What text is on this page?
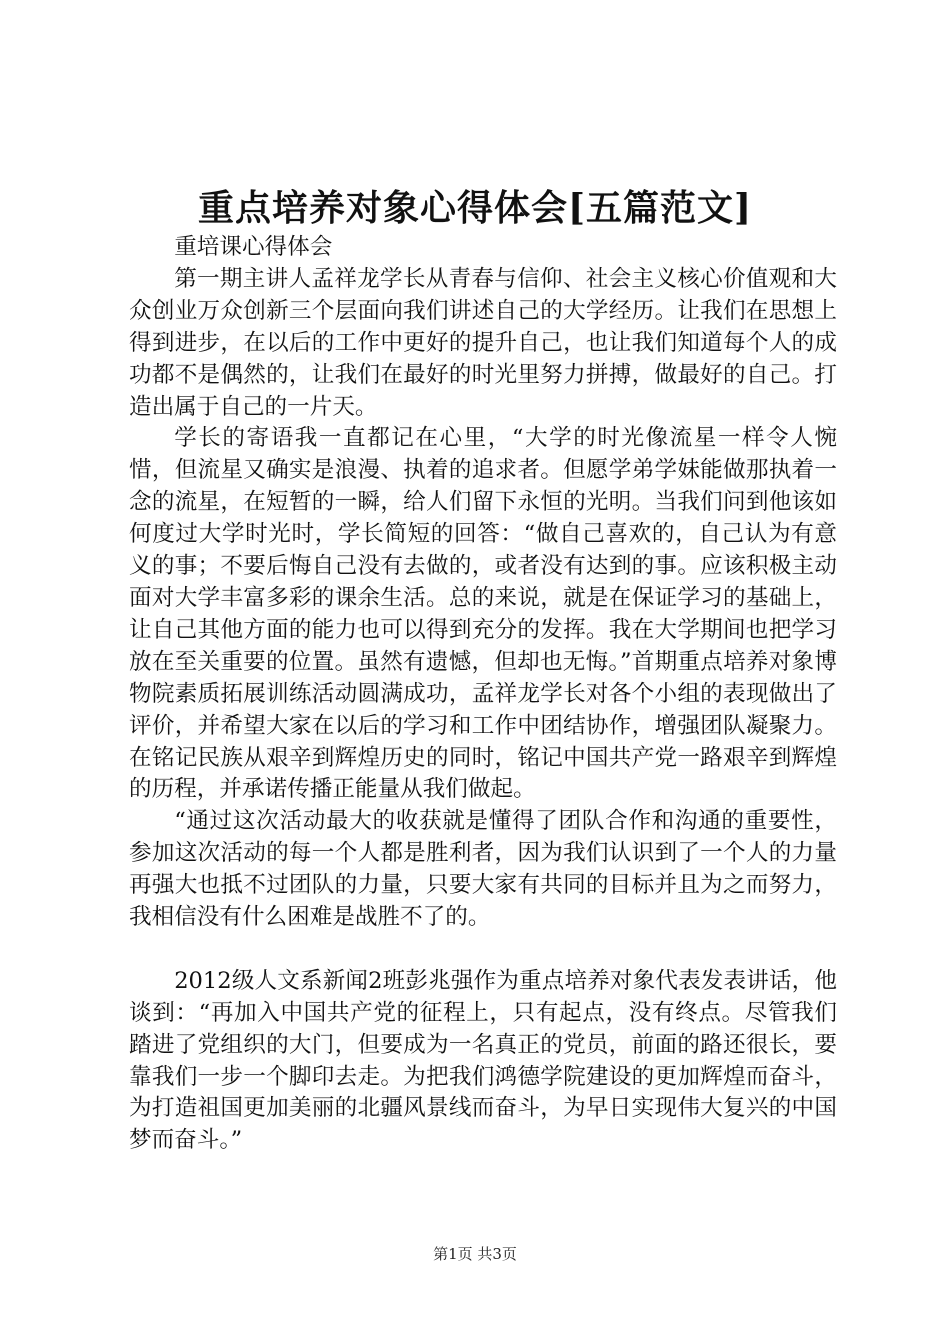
重点培养对象心得体会[五篇范文]

重培课心得体会

第一期主讲人孟祥龙学长从青春与信仰、社会主义核心价值观和大众创业万众创新三个层面向我们讲述自己的大学经历。让我们在思想上得到进步，在以后的工作中更好的提升自己，也让我们知道每个人的成功都不是偶然的，让我们在最好的时光里努力拼搏，做最好的自己。打造出属于自己的一片天。

学长的寄语我一直都记在心里，“大学的时光像流星一样令人惋惜，但流星又确实是浪漫、执着的追求者。但愿学弟学妹能做那执着一念的流星，在短暂的一瞬，给人们留下永恒的光明。当我们问到他该如何度过大学时光时，学长简短的回答：“做自己喜欢的，自己认为有意义的事；不要后悔自己没有去做的，或者没有达到的事。应该积极主动面对大学丰富多彩的课余生活。总的来说，就是在保证学习的基础上，让自己其他方面的能力也可以得到充分的发挥。我在大学期间也把学习放在至关重要的位置。虽然有遗憾，但却也无悔。”首期重点培养对象博物院素质拓展训练活动圆满成功，孟祥龙学长对各个小组的表现做出了评价，并希望大家在以后的学习和工作中团结协作，增强团队凝聚力。在铭记民族从艰辛到辉煌历史的同时，铭记中国共产党一路艰辛到辉煌的历程，并承诺传播正能量从我们做起。

“通过这次活动最大的收获就是懂得了团队合作和沟通的重要性，参加这次活动的每一个人都是胜利者，因为我们认识到了一个人的力量再强大也抵不过团队的力量，只要大家有共同的目标并且为之而努力，我相信没有什么困难是战胜不了的。

2012级人文系新闻2班彭兆强作为重点培养对象代表发表讲话，他谈到：“再加入中国共产党的征程上，只有起点，没有终点。尽管我们踏进了党组织的大门，但要成为一名真正的党员，前面的路还很长，要靠我们一步一个脚印去走。为把我们鸿德学院建设的更加辉煌而奋斗，为打造祖国更加美丽的北疆风景线而奋斗，为早日实现伟大复兴的中国梦而奋斗。”

第1页 共3页
